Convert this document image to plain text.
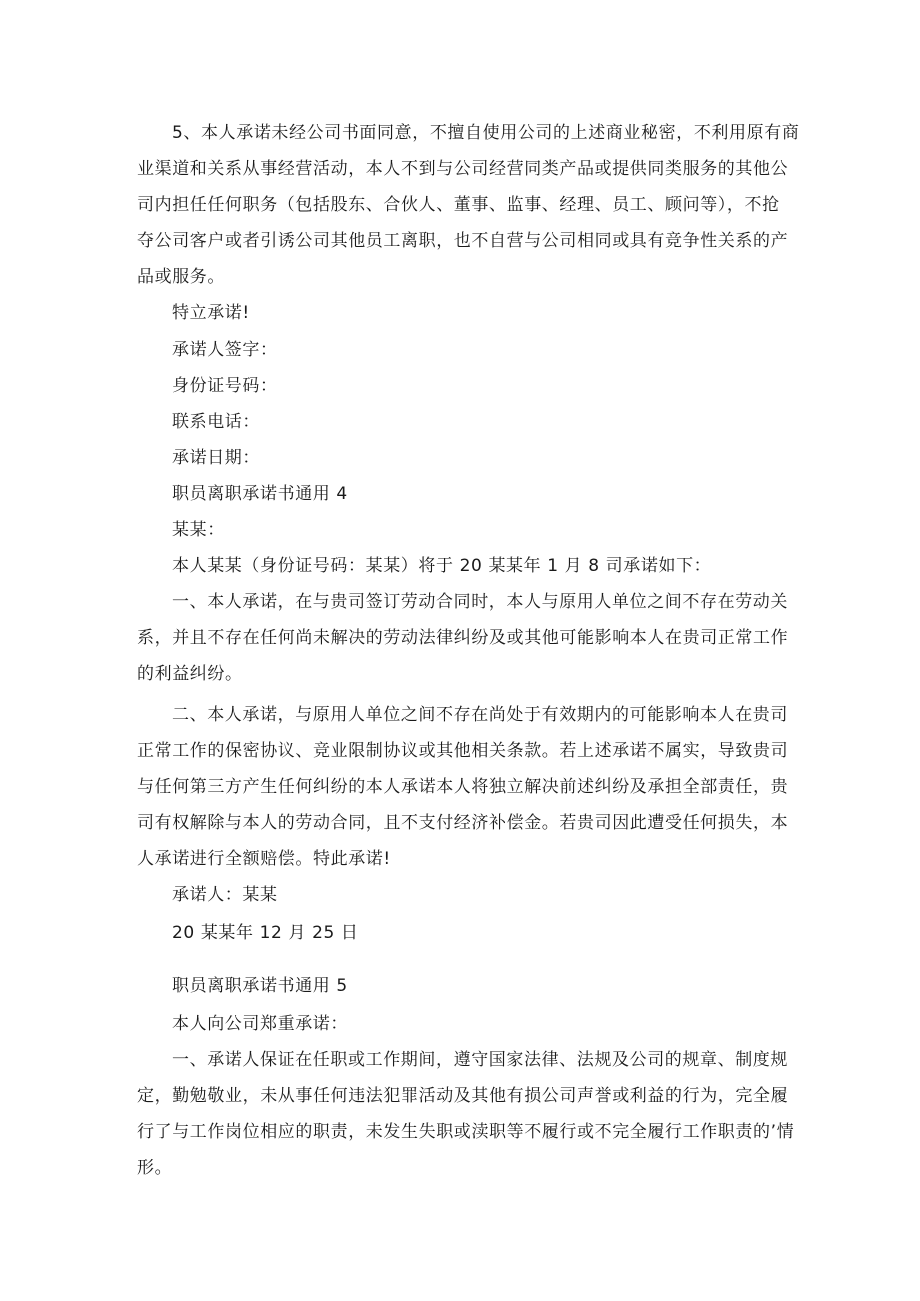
5、本人承诺未经公司书面同意，不擅自使用公司的上述商业秘密，不利用原有商
业渠道和关系从事经营活动，本人不到与公司经营同类产品或提供同类服务的其他公
司内担任任何职务（包括股东、合伙人、董事、监事、经理、员工、顾问等），不抢
夺公司客户或者引诱公司其他员工离职，也不自营与公司相同或具有竞争性关系的产
品或服务。
特立承诺!
承诺人签字：
身份证号码：
联系电话：
承诺日期：
职员离职承诺书通用 4
某某：
本人某某（身份证号码：某某）将于 20 某某年 1 月 8 司承诺如下：
一、本人承诺，在与贵司签订劳动合同时，本人与原用人单位之间不存在劳动关
系，并且不存在任何尚未解决的劳动法律纠纷及或其他可能影响本人在贵司正常工作
的利益纠纷。
二、本人承诺，与原用人单位之间不存在尚处于有效期内的可能影响本人在贵司
正常工作的保密协议、竞业限制协议或其他相关条款。若上述承诺不属实，导致贵司
与任何第三方产生任何纠纷的本人承诺本人将独立解决前述纠纷及承担全部责任，贵
司有权解除与本人的劳动合同，且不支付经济补偿金。若贵司因此遭受任何损失，本
人承诺进行全额赔偿。特此承诺!
承诺人：某某
20 某某年 12 月 25 日
职员离职承诺书通用 5
本人向公司郑重承诺：
一、承诺人保证在任职或工作期间，遵守国家法律、法规及公司的规章、制度规
定，勤勉敬业，未从事任何违法犯罪活动及其他有损公司声誉或利益的行为，完全履
行了与工作岗位相应的职责，未发生失职或渎职等不履行或不完全履行工作职责的’情
形。
